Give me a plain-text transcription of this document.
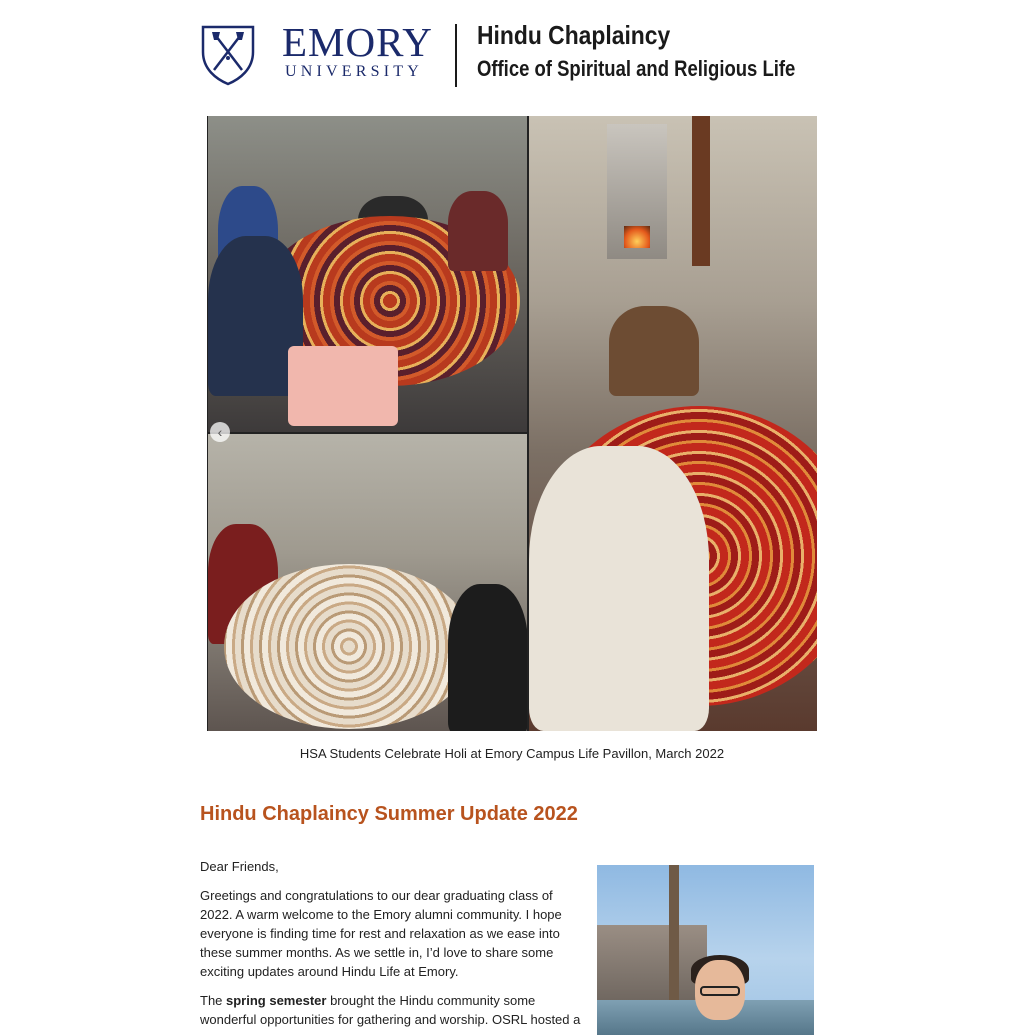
EMORY
UNIVERSITY
Hindu Chaplaincy
Office of Spiritual and Religious Life
‹
HSA Students Celebrate Holi at Emory Campus Life Pavillon, March 2022
Hindu Chaplaincy Summer Update 2022

Dear Friends,

Greetings and congratulations to our dear graduating class of 2022. A warm welcome to the Emory alumni community. I hope everyone is finding time for rest and relaxation as we ease into these summer months. As we settle in, I’d love to share some exciting updates around Hindu Life at Emory.

The spring semester brought the Hindu community some wonderful opportunities for gathering and worship. OSRL hosted a
